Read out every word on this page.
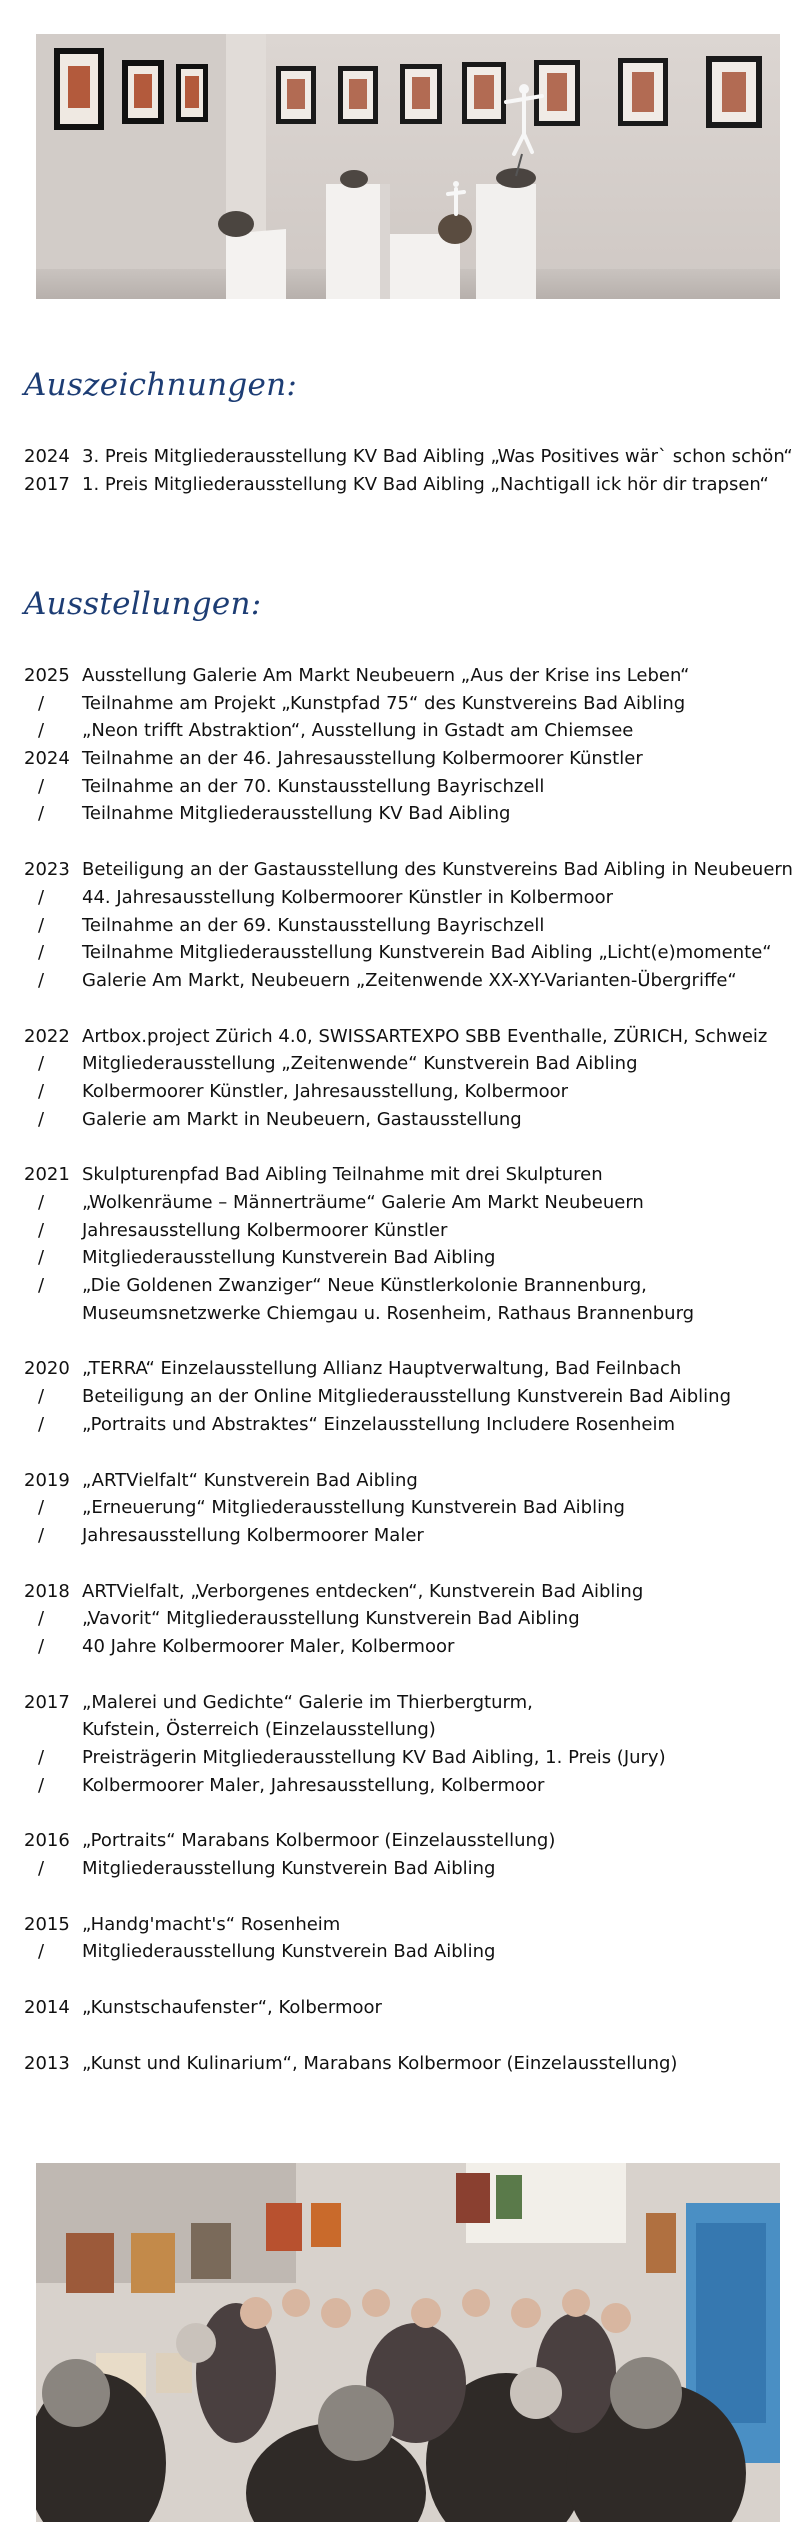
Auszeichnungen:
2024 3. Preis Mitgliederausstellung KV Bad Aibling „Was Positives wär` schon schön“
2017 1. Preis Mitgliederausstellung KV Bad Aibling „Nachtigall ick hör dir trapsen“
Ausstellungen:
2025 Ausstellung Galerie Am Markt Neubeuern „Aus der Krise ins Leben“
/	Teilnahme am Projekt „Kunstpfad 75“ des Kunstvereins Bad Aibling
/	„Neon trifft Abstraktion“, Ausstellung in Gstadt am Chiemsee
2024 Teilnahme an der 46. Jahresausstellung Kolbermoorer Künstler
/	Teilnahme an der 70. Kunstausstellung Bayrischzell
/	Teilnahme Mitgliederausstellung KV Bad Aibling
2023 Beteiligung an der Gastausstellung des Kunstvereins Bad Aibling in Neubeuern
/	44. Jahresausstellung Kolbermoorer Künstler in Kolbermoor
/	Teilnahme an der 69. Kunstausstellung Bayrischzell
/	Teilnahme Mitgliederausstellung Kunstverein Bad Aibling „Licht(e)momente“
/	Galerie Am Markt, Neubeuern „Zeitenwende XX-XY-Varianten-Übergriffe“
2022 Artbox.project Zürich 4.0, SWISSARTEXPO SBB Eventhalle, ZÜRICH, Schweiz
/	Mitgliederausstellung „Zeitenwende“ Kunstverein Bad Aibling
/	Kolbermoorer Künstler, Jahresausstellung, Kolbermoor
/	Galerie am Markt in Neubeuern, Gastausstellung
2021 Skulpturenpfad Bad Aibling Teilnahme mit drei Skulpturen
/	„Wolkenräume – Männerträume“ Galerie Am Markt Neubeuern
/	Jahresausstellung Kolbermoorer Künstler
/	Mitgliederausstellung Kunstverein Bad Aibling
/	„Die Goldenen Zwanziger“ Neue Künstlerkolonie Brannenburg,
Museumsnetzwerke Chiemgau u. Rosenheim, Rathaus Brannenburg
2020 „TERRA“ Einzelausstellung Allianz Hauptverwaltung, Bad Feilnbach
/	Beteiligung an der Online Mitgliederausstellung Kunstverein Bad Aibling
/	„Portraits und Abstraktes“ Einzelausstellung Includere Rosenheim
2019 „ARTVielfalt“ Kunstverein Bad Aibling
/	„Erneuerung“ Mitgliederausstellung Kunstverein Bad Aibling
/	Jahresausstellung Kolbermoorer Maler
2018 ARTVielfalt, „Verborgenes entdecken“, Kunstverein Bad Aibling
/	„Vavorit“ Mitgliederausstellung Kunstverein Bad Aibling
/	40 Jahre Kolbermoorer Maler, Kolbermoor
2017 „Malerei und Gedichte“ Galerie im Thierbergturm,
Kufstein, Österreich (Einzelausstellung)
/	Preisträgerin Mitgliederausstellung KV Bad Aibling, 1. Preis (Jury)
/	Kolbermoorer Maler, Jahresausstellung, Kolbermoor
2016 „Portraits“ Marabans Kolbermoor (Einzelausstellung)
/	Mitgliederausstellung Kunstverein Bad Aibling
2015 „Handg'macht's“ Rosenheim
/	Mitgliederausstellung Kunstverein Bad Aibling
2014 „Kunstschaufenster“, Kolbermoor
2013 „Kunst und Kulinarium“, Marabans Kolbermoor (Einzelausstellung)
